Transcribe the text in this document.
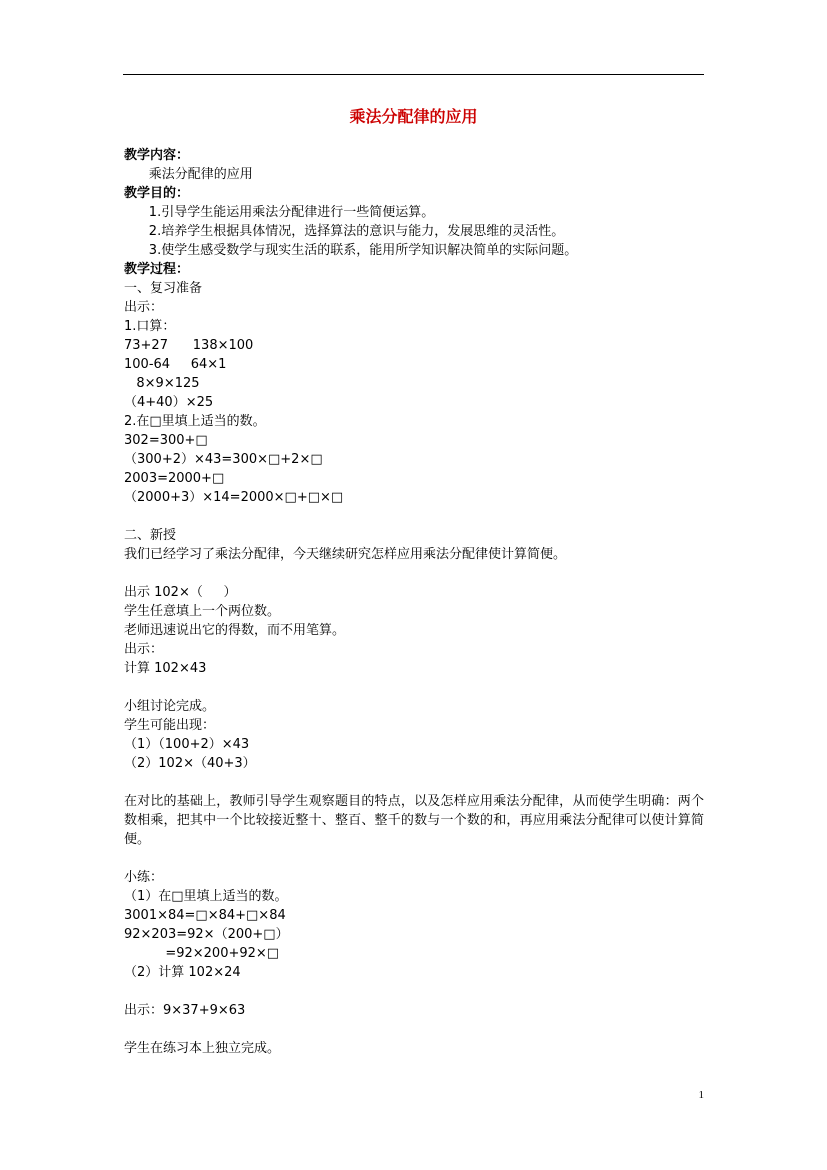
乘法分配律的应用
教学内容：
乘法分配律的应用
教学目的：
1.引导学生能运用乘法分配律进行一些简便运算。
2.培养学生根据具体情况，选择算法的意识与能力，发展思维的灵活性。
3.使学生感受数学与现实生活的联系，能用所学知识解决简单的实际问题。
教学过程：
一、复习准备
出示：
1.口算：
73+27      138×100
100-64     64×1
8×9×125
（4+40）×25
2.在□里填上适当的数。
302=300+□
（300+2）×43=300×□+2×□
2003=2000+□
（2000+3）×14=2000×□+□×□
二、新授
我们已经学习了乘法分配律，今天继续研究怎样应用乘法分配律使计算简便。
出示 102×（     ）
学生任意填上一个两位数。
老师迅速说出它的得数，而不用笔算。
出示：
计算 102×43
小组讨论完成。
学生可能出现：
（1）（100+2）×43
（2）102×（40+3）
在对比的基础上，教师引导学生观察题目的特点，以及怎样应用乘法分配律，从而使学生明确：两个数相乘，把其中一个比较接近整十、整百、整千的数与一个数的和，再应用乘法分配律可以使计算简便。
小练：
（1）在□里填上适当的数。
3001×84=□×84+□×84
92×203=92×（200+□）
=92×200+92×□
（2）计算 102×24
出示：9×37+9×63
学生在练习本上独立完成。
1
